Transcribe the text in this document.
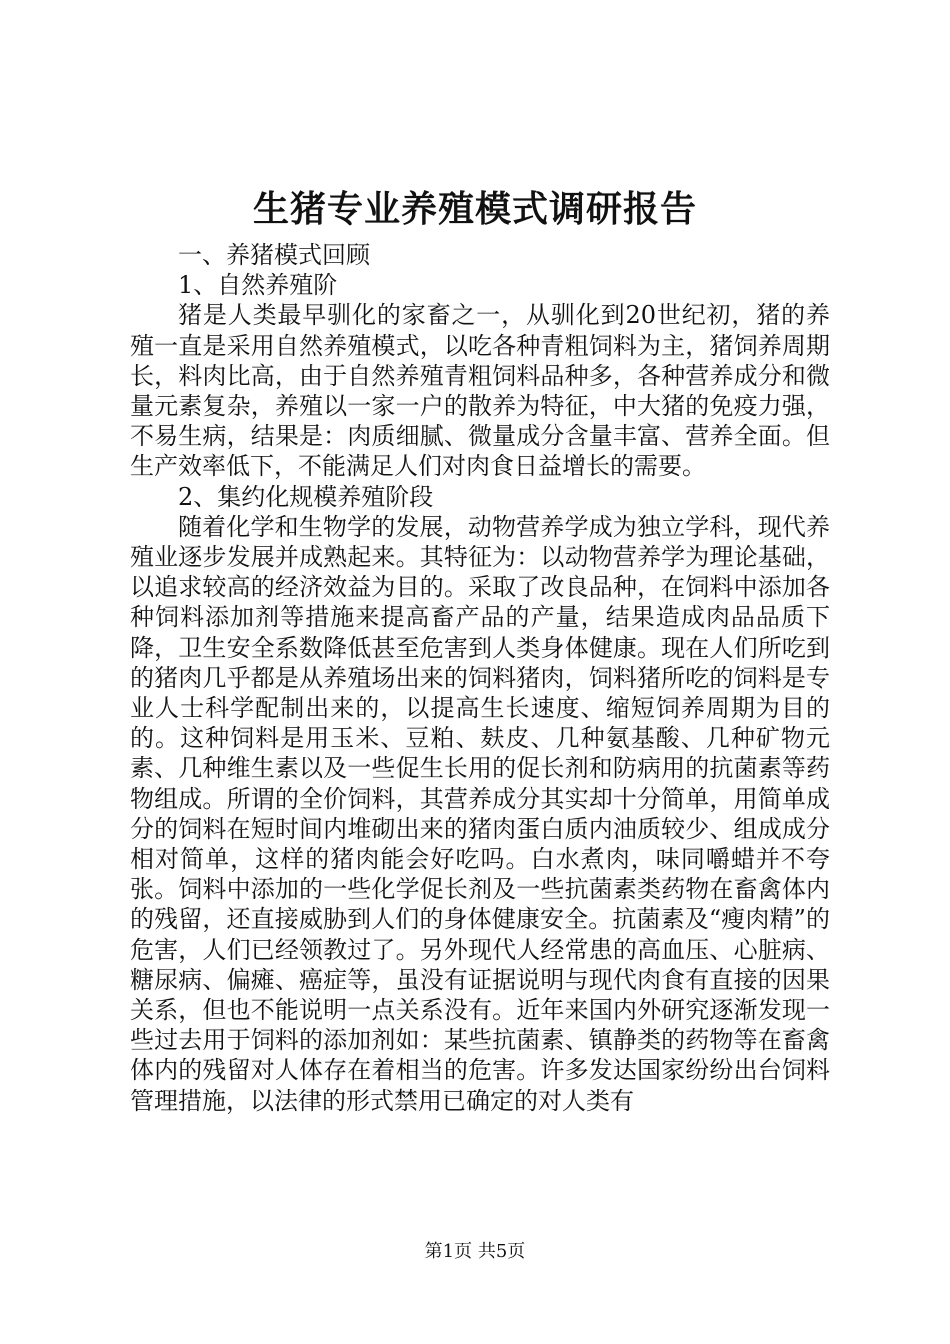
生猪专业养殖模式调研报告

一、养猪模式回顾

1、自然养殖阶

猪是人类最早驯化的家畜之一，从驯化到20世纪初，猪的养殖一直是采用自然养殖模式，以吃各种青粗饲料为主，猪饲养周期长，料肉比高，由于自然养殖青粗饲料品种多，各种营养成分和微量元素复杂，养殖以一家一户的散养为特征，中大猪的免疫力强，不易生病，结果是：肉质细腻、微量成分含量丰富、营养全面。但生产效率低下，不能满足人们对肉食日益增长的需要。

2、集约化规模养殖阶段

随着化学和生物学的发展，动物营养学成为独立学科，现代养殖业逐步发展并成熟起来。其特征为：以动物营养学为理论基础，以追求较高的经济效益为目的。采取了改良品种，在饲料中添加各种饲料添加剂等措施来提高畜产品的产量，结果造成肉品品质下降，卫生安全系数降低甚至危害到人类身体健康。现在人们所吃到的猪肉几乎都是从养殖场出来的饲料猪肉，饲料猪所吃的饲料是专业人士科学配制出来的，以提高生长速度、缩短饲养周期为目的的。这种饲料是用玉米、豆粕、麸皮、几种氨基酸、几种矿物元素、几种维生素以及一些促生长用的促长剂和防病用的抗菌素等药物组成。所谓的全价饲料，其营养成分其实却十分简单，用简单成分的饲料在短时间内堆砌出来的猪肉蛋白质内油质较少、组成成分相对简单，这样的猪肉能会好吃吗。白水煮肉，味同嚼蜡并不夸张。饲料中添加的一些化学促长剂及一些抗菌素类药物在畜禽体内的残留，还直接威胁到人们的身体健康安全。抗菌素及“瘦肉精”的危害，人们已经领教过了。另外现代人经常患的高血压、心脏病、糖尿病、偏瘫、癌症等，虽没有证据说明与现代肉食有直接的因果关系，但也不能说明一点关系没有。近年来国内外研究逐渐发现一些过去用于饲料的添加剂如：某些抗菌素、镇静类的药物等在畜禽体内的残留对人体存在着相当的危害。许多发达国家纷纷出台饲料管理措施，以法律的形式禁用已确定的对人类有

第1页 共5页
